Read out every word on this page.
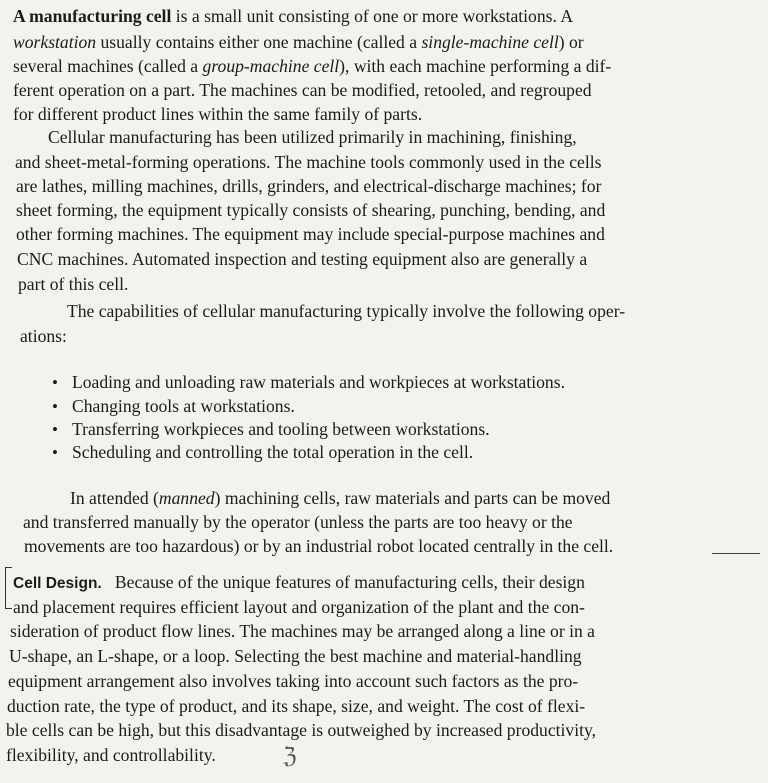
A manufacturing cell is a small unit consisting of one or more workstations. A

workstation usually contains either one machine (called a single-machine cell) or

several machines (called a group-machine cell), with each machine performing a dif-

ferent operation on a part. The machines can be modified, retooled, and regrouped

for different product lines within the same family of parts.

Cellular manufacturing has been utilized primarily in machining, finishing,

and sheet-metal-forming operations. The machine tools commonly used in the cells

are lathes, milling machines, drills, grinders, and electrical-discharge machines; for

sheet forming, the equipment typically consists of shearing, punching, bending, and

other forming machines. The equipment may include special-purpose machines and

CNC machines. Automated inspection and testing equipment also are generally a

part of this cell.

The capabilities of cellular manufacturing typically involve the following oper-

ations:

• Loading and unloading raw materials and workpieces at workstations.

• Changing tools at workstations.

• Transferring workpieces and tooling between workstations.

• Scheduling and controlling the total operation in the cell.

In attended (manned) machining cells, raw materials and parts can be moved

and transferred manually by the operator (unless the parts are too heavy or the

movements are too hazardous) or by an industrial robot located centrally in the cell.

Cell Design. Because of the unique features of manufacturing cells, their design

and placement requires efficient layout and organization of the plant and the con-

sideration of product flow lines. The machines may be arranged along a line or in a

U-shape, an L-shape, or a loop. Selecting the best machine and material-handling

equipment arrangement also involves taking into account such factors as the pro-

duction rate, the type of product, and its shape, size, and weight. The cost of flexi-

ble cells can be high, but this disadvantage is outweighed by increased productivity,

flexibility, and controllability.	ℨ
